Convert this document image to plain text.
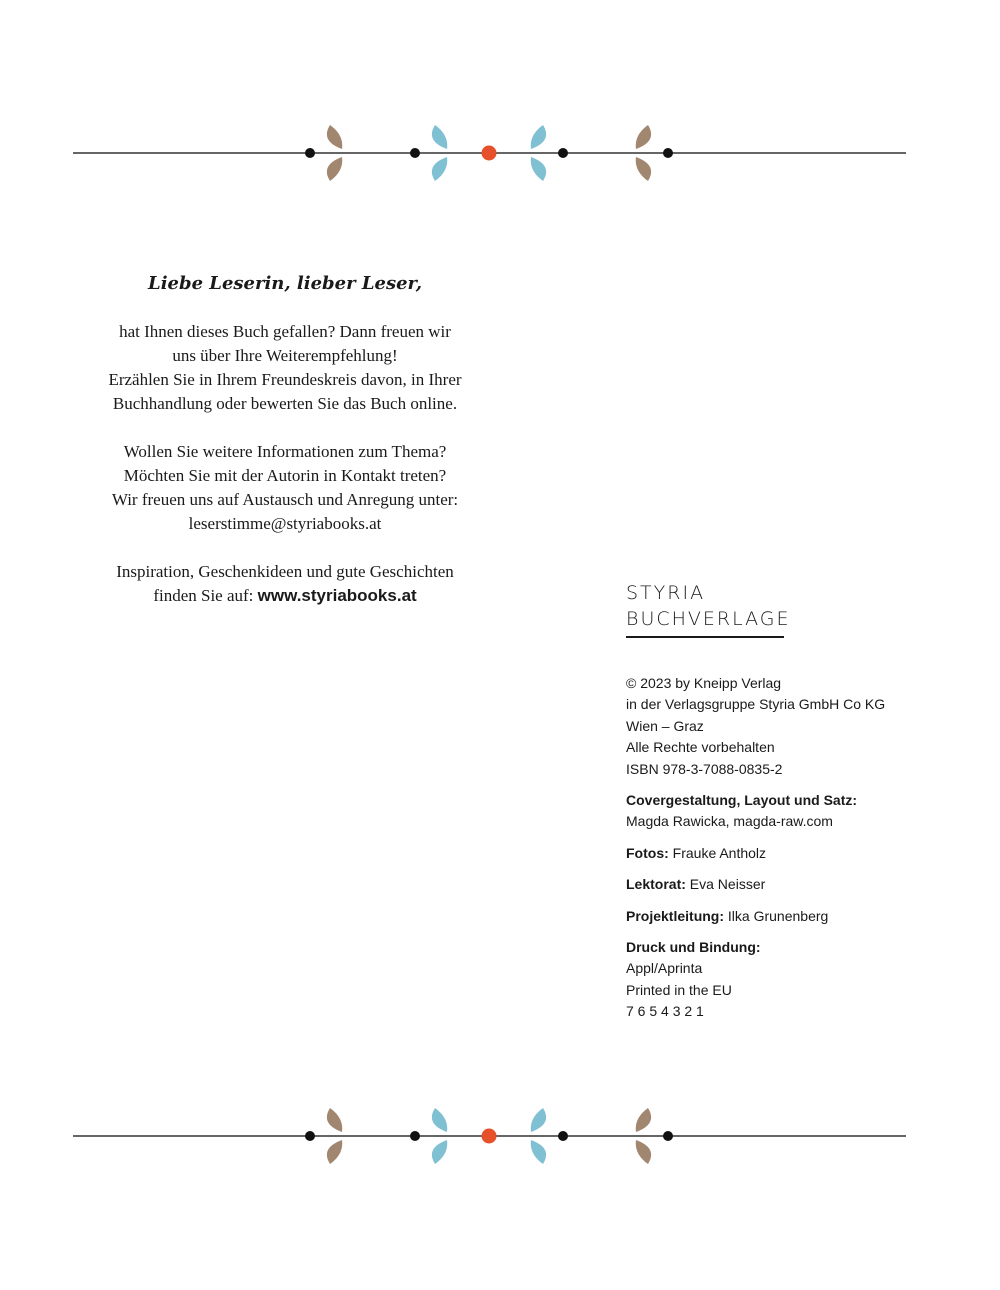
Liebe Leserin, lieber Leser,

hat Ihnen dieses Buch gefallen? Dann freuen wir
uns über Ihre Weiterempfehlung!
Erzählen Sie in Ihrem Freundeskreis davon, in Ihrer
Buchhandlung oder bewerten Sie das Buch online.

Wollen Sie weitere Informationen zum Thema?
Möchten Sie mit der Autorin in Kontakt treten?
Wir freuen uns auf Austausch und Anregung unter:
leserstimme@styriabooks.at

Inspiration, Geschenkideen und gute Geschichten
finden Sie auf: www.styriabooks.at	STYRIA
BUCHVERLAGE
© 2023 by Kneipp Verlag
in der Verlagsgruppe Styria GmbH Co KG
Wien – Graz
Alle Rechte vorbehalten
ISBN 978-3-7088-0835-2
Covergestaltung, Layout und Satz:
Magda Rawicka, magda-raw.com
Fotos: Frauke Antholz
Lektorat: Eva Neisser
Projektleitung: Ilka Grunenberg
Druck und Bindung:
Appl/Aprinta
Printed in the EU
7 6 5 4 3 2 1
